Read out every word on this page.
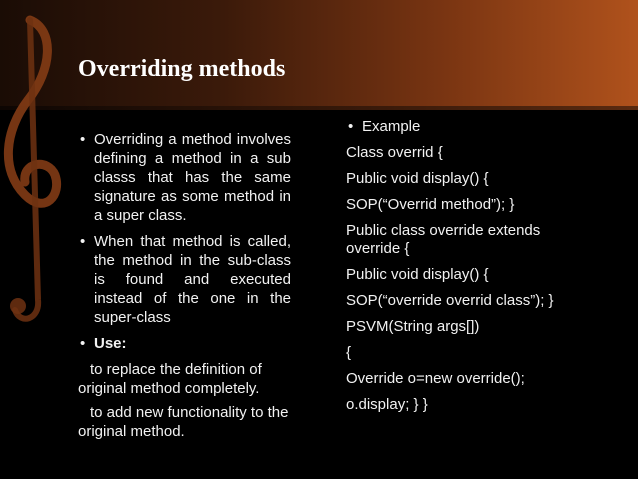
Overriding methods
• Overriding a method involves defining a method in a sub classs that has the same signature as some method in a super class.
• When that method is called, the method in the sub-class is found and executed instead of the one in the super-class
• Use:
to replace the definition of original method completely.
to add new functionality to the original method.
• Example
Class overrid {
Public void display() {
SOP(“Overrid method”); }
Public class override extends override {
Public void display() {
SOP(“override overrid class”); }
PSVM(String args[])
{
Override o=new override();
o.display; } }
